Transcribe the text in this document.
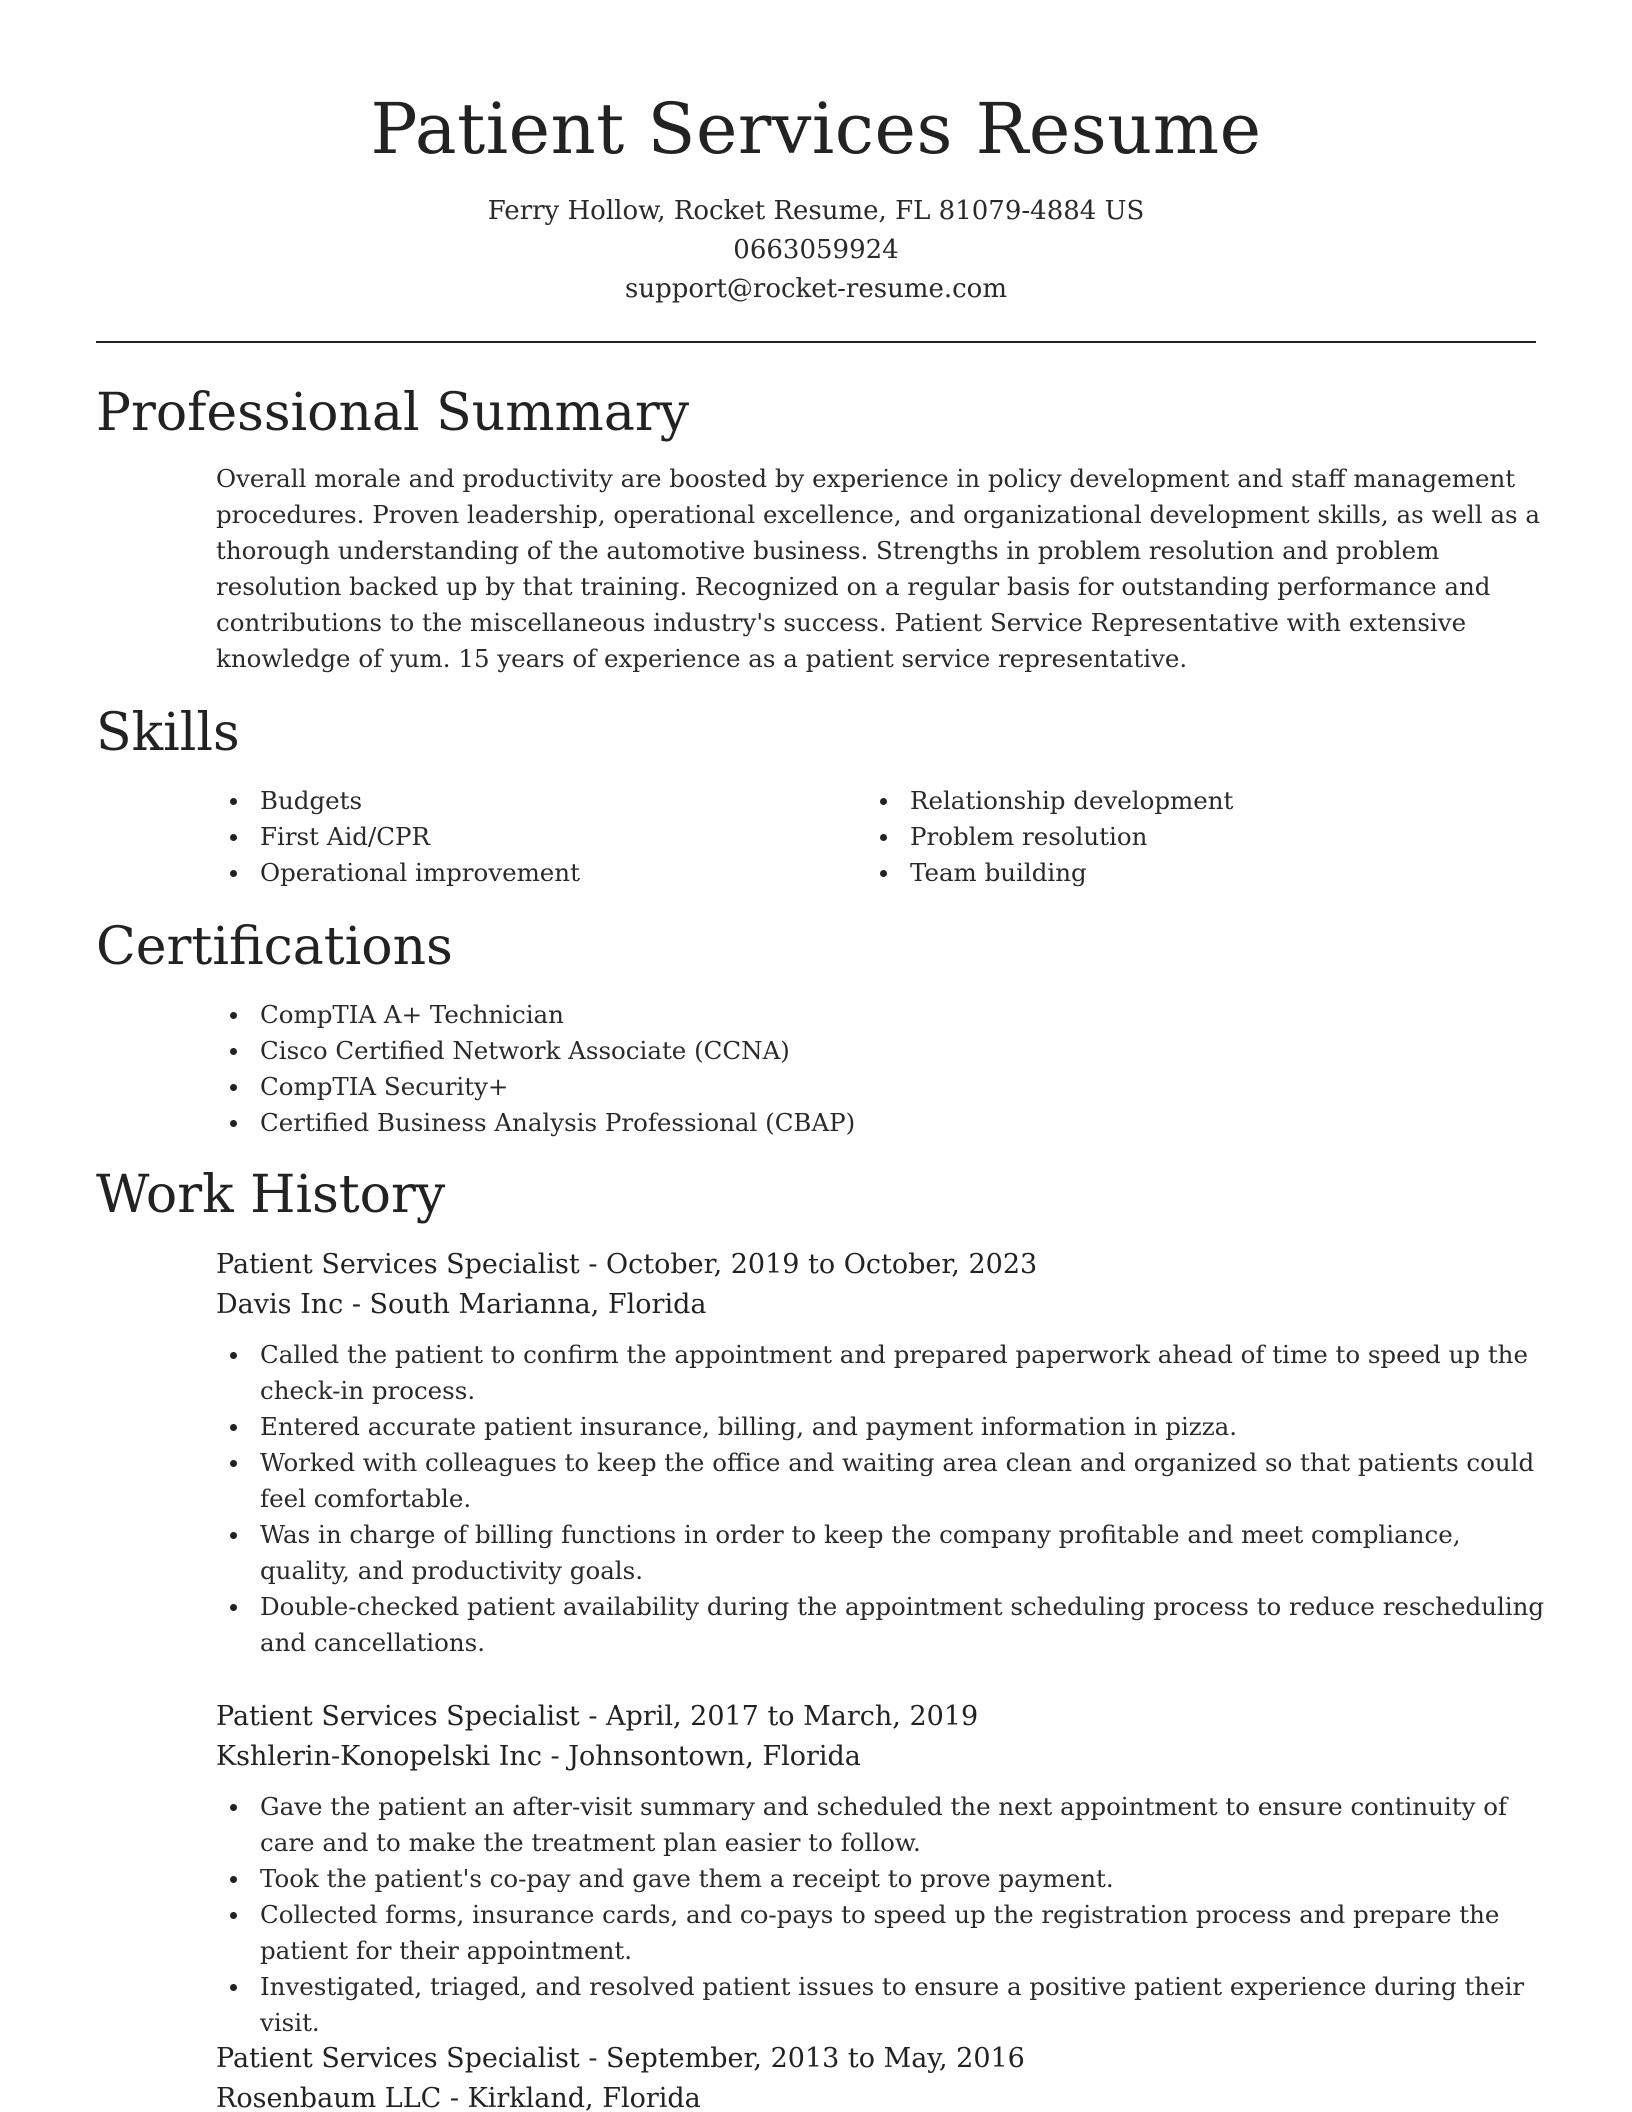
Patient Services Resume
Ferry Hollow, Rocket Resume, FL 81079-4884 US
0663059924
support@rocket-resume.com
Professional Summary

Overall morale and productivity are boosted by experience in policy development and staff management procedures. Proven leadership, operational excellence, and organizational development skills, as well as a thorough understanding of the automotive business. Strengths in problem resolution and problem resolution backed up by that training. Recognized on a regular basis for outstanding performance and contributions to the miscellaneous industry's success. Patient Service Representative with extensive knowledge of yum. 15 years of experience as a patient service representative.

Skills
Budgets
First Aid/CPR
Operational improvement
Relationship development
Problem resolution
Team building
Certifications
CompTIA A+ Technician
Cisco Certified Network Associate (CCNA)
CompTIA Security+
Certified Business Analysis Professional (CBAP)
Work History
Patient Services Specialist - October, 2019 to October, 2023
Davis Inc - South Marianna, Florida
Called the patient to confirm the appointment and prepared paperwork ahead of time to speed up the check-in process.
Entered accurate patient insurance, billing, and payment information in pizza.
Worked with colleagues to keep the office and waiting area clean and organized so that patients could feel comfortable.
Was in charge of billing functions in order to keep the company profitable and meet compliance, quality, and productivity goals.
Double-checked patient availability during the appointment scheduling process to reduce rescheduling and cancellations.
Patient Services Specialist - April, 2017 to March, 2019
Kshlerin-Konopelski Inc - Johnsontown, Florida
Gave the patient an after-visit summary and scheduled the next appointment to ensure continuity of care and to make the treatment plan easier to follow.
Took the patient's co-pay and gave them a receipt to prove payment.
Collected forms, insurance cards, and co-pays to speed up the registration process and prepare the patient for their appointment.
Investigated, triaged, and resolved patient issues to ensure a positive patient experience during their visit.
Patient Services Specialist - September, 2013 to May, 2016
Rosenbaum LLC - Kirkland, Florida
